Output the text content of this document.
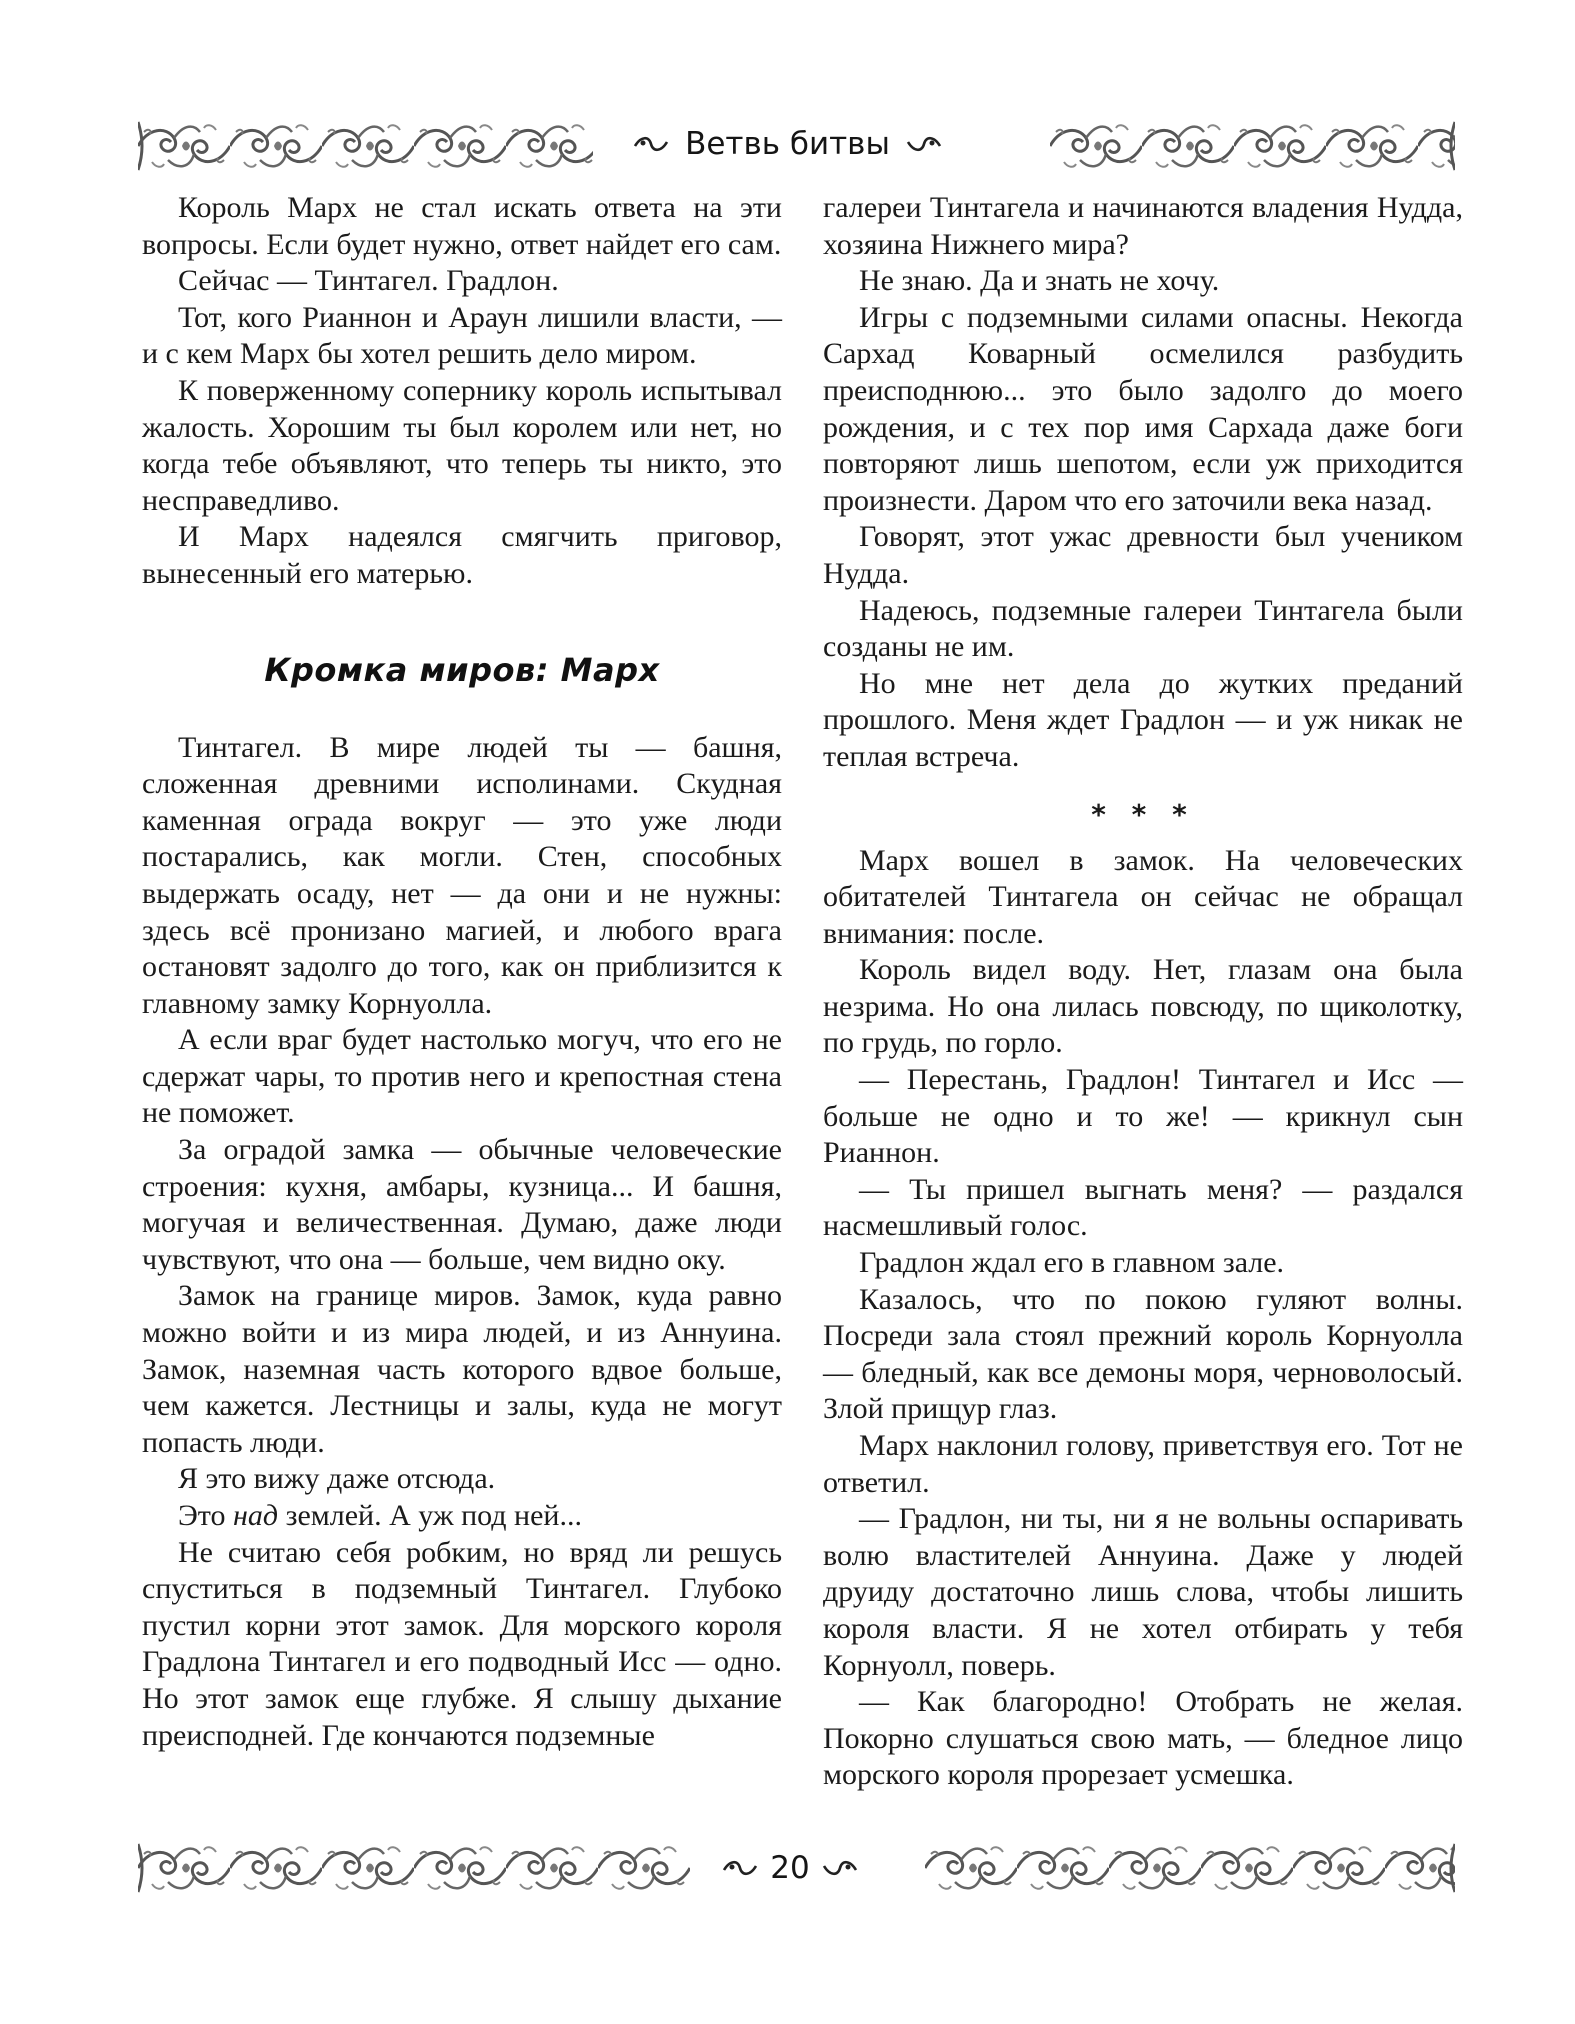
Ветвь битвы

Король Марх не стал искать ответа на эти вопросы. Если будет нужно, ответ найдет его сам.

Сейчас — Тинтагел. Градлон.

Тот, кого Рианнон и Араун лишили власти, — и с кем Марх бы хотел решить дело миром.

К поверженному сопернику король испытывал жалость. Хорошим ты был королем или нет, но когда тебе объявляют, что теперь ты никто, это несправедливо.

И Марх надеялся смягчить приговор, вынесенный его матерью.

Кромка миров: Марх

Тинтагел. В мире людей ты — башня, сложенная древними исполинами. Скудная каменная ограда вокруг — это уже люди постарались, как могли. Стен, способных выдержать осаду, нет — да они и не нужны: здесь всё пронизано магией, и любого врага остановят задолго до того, как он приблизится к главному замку Корнуолла.

А если враг будет настолько могуч, что его не сдержат чары, то против него и крепостная стена не поможет.

За оградой замка — обычные человеческие строения: кухня, амбары, кузница... И башня, могучая и величественная. Думаю, даже люди чувствуют, что она — больше, чем видно оку.

Замок на границе миров. Замок, куда равно можно войти и из мира людей, и из Аннуина. Замок, наземная часть которого вдвое больше, чем кажется. Лестницы и залы, куда не могут попасть люди.

Я это вижу даже отсюда.

Это над землей. А уж под ней...

Не считаю себя робким, но вряд ли решусь спуститься в подземный Тинтагел. Глубоко пустил корни этот замок. Для морского короля Градлона Тинтагел и его подводный Исс — одно. Но этот замок еще глубже. Я слышу дыхание преисподней. Где кончаются подземные

галереи Тинтагела и начинаются владения Нудда, хозяина Нижнего мира?

Не знаю. Да и знать не хочу.

Игры с подземными силами опасны. Некогда Сархад Коварный осмелился разбудить преисподнюю... это было задолго до моего рождения, и с тех пор имя Сархада даже боги повторяют лишь шепотом, если уж приходится произнести. Даром что его заточили века назад.

Говорят, этот ужас древности был учеником Нудда.

Надеюсь, подземные галереи Тинтагела были созданы не им.

Но мне нет дела до жутких преданий прошлого. Меня ждет Градлон — и уж никак не теплая встреча.

* * *

Марх вошел в замок. На человеческих обитателей Тинтагела он сейчас не обращал внимания: после.

Король видел воду. Нет, глазам она была незрима. Но она лилась повсюду, по щиколотку, по грудь, по горло.

— Перестань, Градлон! Тинтагел и Исс — больше не одно и то же! — крикнул сын Рианнон.

— Ты пришел выгнать меня? — раздался насмешливый голос.

Градлон ждал его в главном зале.

Казалось, что по покою гуляют волны. Посреди зала стоял прежний король Корнуолла — бледный, как все демоны моря, черноволосый. Злой прищур глаз.

Марх наклонил голову, приветствуя его. Тот не ответил.

— Градлон, ни ты, ни я не вольны оспаривать волю властителей Аннуина. Даже у людей друиду достаточно лишь слова, чтобы лишить короля власти. Я не хотел отбирать у тебя Корнуолл, поверь.

— Как благородно! Отобрать не желая. Покорно слушаться свою мать, — бледное лицо морского короля прорезает усмешка.

20
